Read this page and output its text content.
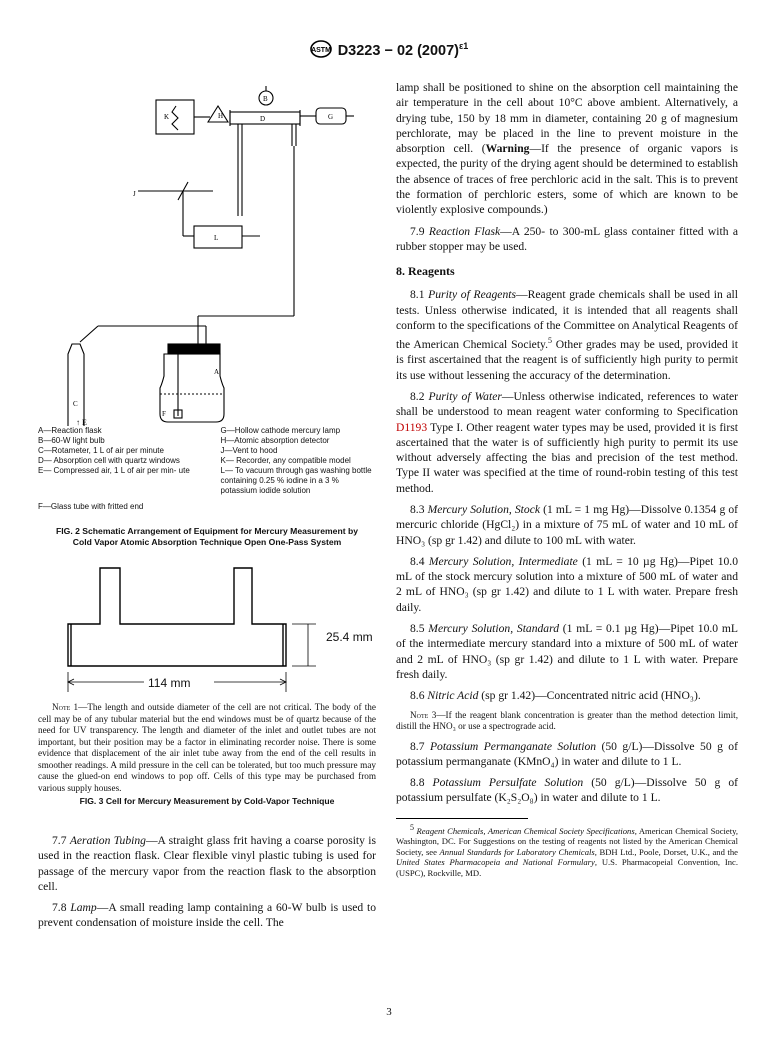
ASTM D3223 − 02 $(2007)^{\varepsilon 1}$
K	H
B
D	G
J
L
A
F
C
↑ E
A—Reaction flask	G—Hollow cathode mercury lamp
B—60-W light bulb	H—Atomic absorption detector
C—Rotameter, 1 L of air per minute	J—Vent to hood
D— Absorption cell with quartz windows	K— Recorder, any compatible model
E— Compressed air, 1 L of air per min- ute	L— To vacuum through gas washing bottle containing 0.25 % iodine in a 3 % potassium iodide solution
F—Glass tube with fritted end	
FIG. 2 Schematic Arrangement of Equipment for Mercury Measurement by Cold Vapor Atomic Absorption Technique Open One-Pass System
25.4 mm
114 mm
Note 1—The length and outside diameter of the cell are not critical. The body of the cell may be of any tubular material but the end windows must be of quartz because of the need for UV transparency. The length and diameter of the inlet and outlet tubes are not important, but their position may be a factor in eliminating recorder noise. There is some evidence that displacement of the air inlet tube away from the end of the cell results in smoother readings. A mild pressure in the cell can be tolerated, but too much pressure may cause the glued-on end windows to pop off. Cells of this type may be purchased from various supply houses.
FIG. 3 Cell for Mercury Measurement by Cold-Vapor Technique

7.7 Aeration Tubing—A straight glass frit having a coarse porosity is used in the reaction flask. Clear flexible vinyl plastic tubing is used for passage of the mercury vapor from the reaction flask to the absorption cell.

7.8 Lamp—A small reading lamp containing a 60-W bulb is used to prevent condensation of moisture inside the cell. The

lamp shall be positioned to shine on the absorption cell maintaining the air temperature in the cell about 10°C above ambient. Alternatively, a drying tube, 150 by 18 mm in diameter, containing 20 g of magnesium perchlorate, may be placed in the line to prevent moisture in the absorption cell. (Warning—If the presence of organic vapors is expected, the purity of the drying agent should be determined to establish the absence of traces of free perchloric acid in the salt. This is to prevent the formation of perchloric esters, some of which are known to be violently explosive compounds.)

7.9 Reaction Flask—A 250- to 300-mL glass container fitted with a rubber stopper may be used.

8. Reagents

8.1 Purity of Reagents—Reagent grade chemicals shall be used in all tests. Unless otherwise indicated, it is intended that all reagents shall conform to the specifications of the Committee on Analytical Reagents of the American Chemical Society.$^5$ Other grades may be used, provided it is first ascertained that the reagent is of sufficiently high purity to permit its use without lessening the accuracy of the determination.

8.2 Purity of Water—Unless otherwise indicated, references to water shall be understood to mean reagent water conforming to Specification D1193 Type I. Other reagent water types may be used, provided it is first ascertained that the water is of sufficiently high purity to permit its use without adversely affecting the bias and precision of the test method. Type II water was specified at the time of round-robin testing of this test method.

8.3 Mercury Solution, Stock (1 mL = 1 mg Hg)—Dissolve 0.1354 g of mercuric chloride (HgCl₂) in a mixture of 75 mL of water and 10 mL of HNO₃ (sp gr 1.42) and dilute to 100 mL with water.

8.4 Mercury Solution, Intermediate (1 mL = 10 µg Hg)—Pipet 10.0 mL of the stock mercury solution into a mixture of 500 mL of water and 2 mL of HNO₃ (sp gr 1.42) and dilute to 1 L with water. Prepare fresh daily.

8.5 Mercury Solution, Standard (1 mL = 0.1 µg Hg)—Pipet 10.0 mL of the intermediate mercury standard into a mixture of 500 mL of water and 2 mL of HNO₃ (sp gr 1.42) and dilute to 1 L with water. Prepare fresh daily.

8.6 Nitric Acid (sp gr 1.42)—Concentrated nitric acid (HNO₃).

Note 3—If the reagent blank concentration is greater than the method detection limit, distill the HNO₃ or use a spectrograde acid.

8.7 Potassium Permanganate Solution (50 g/L)—Dissolve 50 g of potassium permanganate (KMnO₄) in water and dilute to 1 L.

8.8 Potassium Persulfate Solution (50 g/L)—Dissolve 50 g of potassium persulfate (K₂S₂O₈) in water and dilute to 1 L.

$^5$ Reagent Chemicals, American Chemical Society Specifications, American Chemical Society, Washington, DC. For Suggestions on the testing of reagents not listed by the American Chemical Society, see Annual Standards for Laboratory Chemicals, BDH Ltd., Poole, Dorset, U.K., and the United States Pharmacopeia and National Formulary, U.S. Pharmacopeial Convention, Inc. (USPC), Rockville, MD.
3
